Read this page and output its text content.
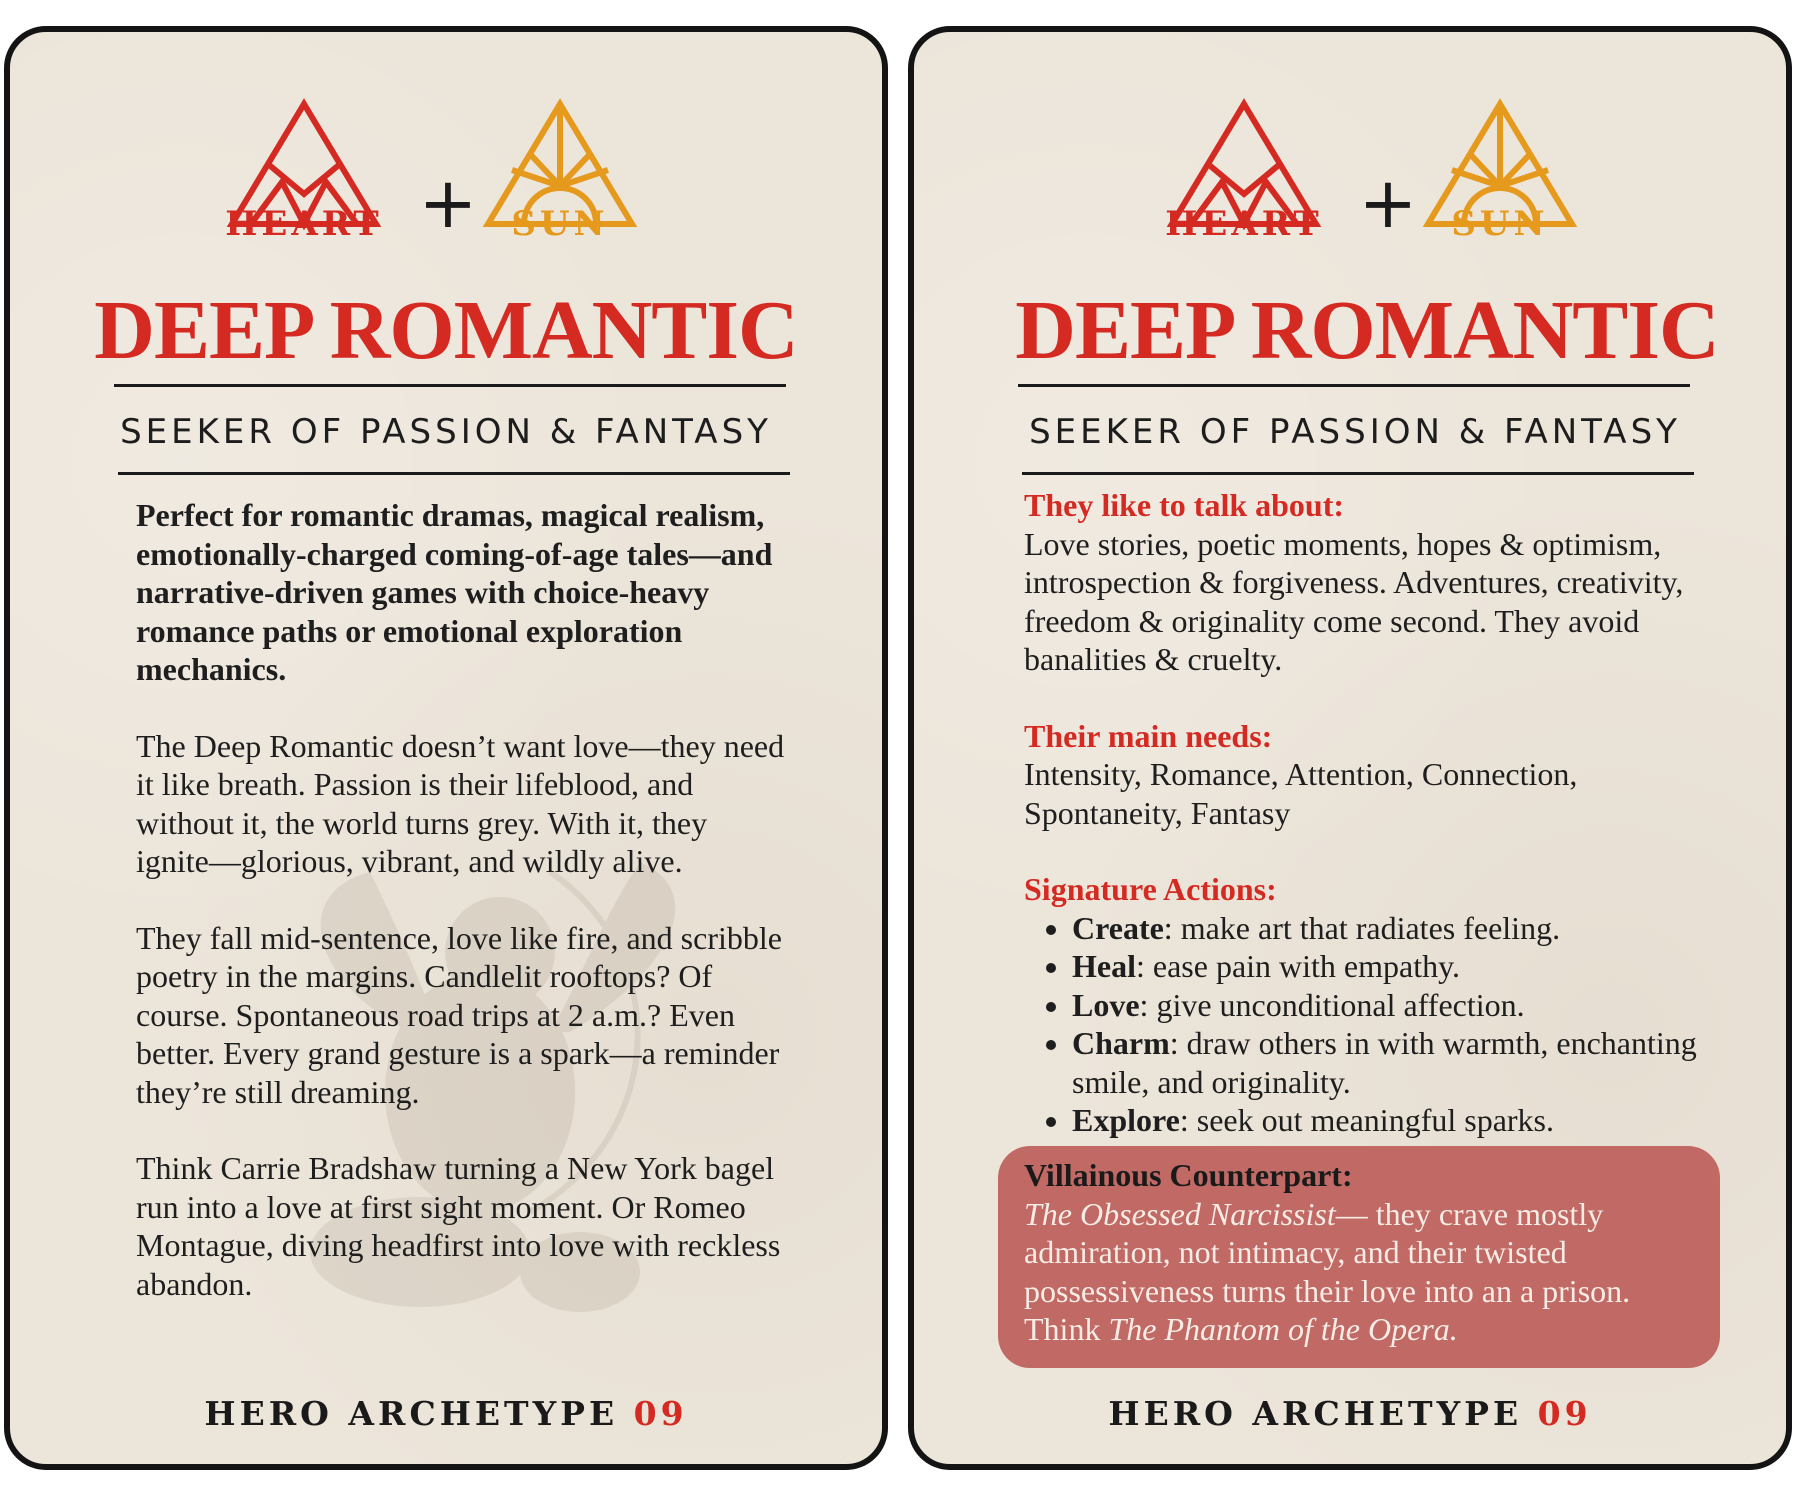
HEART +	SUN
DEEP ROMANTIC
SEEKER OF PASSION & FANTASY

Perfect for romantic dramas, magical realism, emotionally-charged coming-of-age tales—and narrative-driven games with choice-heavy romance paths or emotional exploration mechanics.

The Deep Romantic doesn’t want love—they need it like breath. Passion is their lifeblood, and without it, the world turns grey. With it, they ignite—glorious, vibrant, and wildly alive.

They fall mid-sentence, love like fire, and scribble poetry in the margins. Candlelit rooftops? Of course. Spontaneous road trips at 2 a.m.? Even better. Every grand gesture is a spark—a reminder they’re still dreaming.

Think Carrie Bradshaw turning a New York bagel run into a love at first sight moment. Or Romeo Montague, diving headfirst into love with reckless abandon.

HERO ARCHETYPE 09
HEART +	SUN
DEEP ROMANTIC
SEEKER OF PASSION & FANTASY
They like to talk about:
Love stories, poetic moments, hopes & optimism, introspection & forgiveness. Adventures, creativity, freedom & originality come second. They avoid banalities & cruelty.
Their main needs:
Intensity, Romance, Attention, Connection, Spontaneity, Fantasy
Signature Actions:
• Create: make art that radiates feeling.
• Heal: ease pain with empathy.
• Love: give unconditional affection.
• Charm: draw others in with warmth, enchanting smile, and originality.
• Explore: seek out meaningful sparks.
Villainous Counterpart:
The Obsessed Narcissist— they crave mostly admiration, not intimacy, and their twisted possessiveness turns their love into an a prison. Think The Phantom of the Opera.
HERO ARCHETYPE 09
